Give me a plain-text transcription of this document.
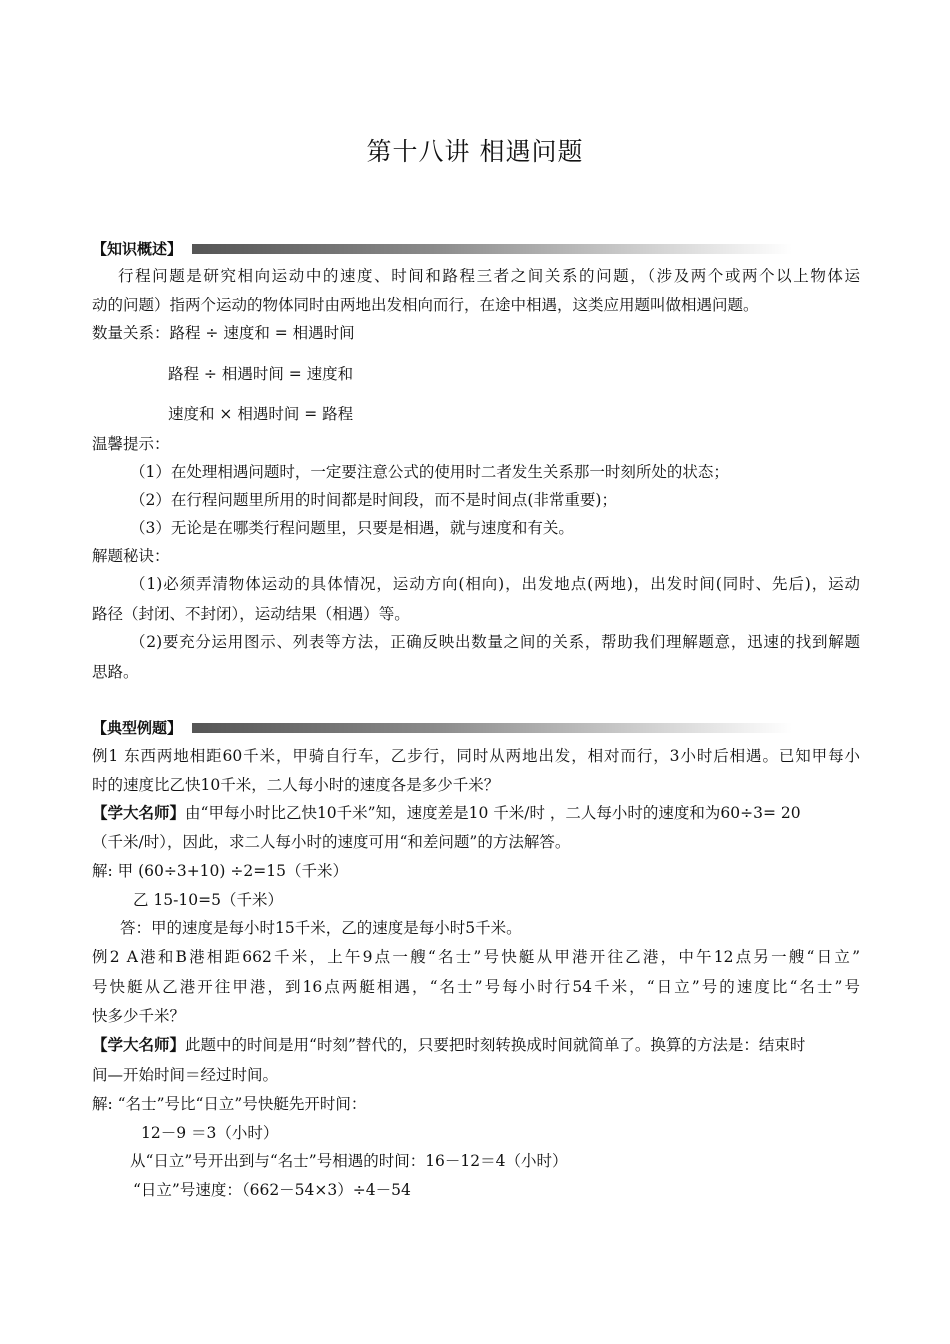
第十八讲 相遇问题
【知识概述】
行程问题是研究相向运动中的速度、时间和路程三者之间关系的问题，（涉及两个或两个以上物体运
动的问题）指两个运动的物体同时由两地出发相向而行，在途中相遇，这类应用题叫做相遇问题。
数量关系：路程 ÷ 速度和 = 相遇时间
路程 ÷ 相遇时间 = 速度和
速度和 × 相遇时间 = 路程
温馨提示：
（1）在处理相遇问题时，一定要注意公式的使用时二者发生关系那一时刻所处的状态；
（2）在行程问题里所用的时间都是时间段，而不是时间点(非常重要)；
（3）无论是在哪类行程问题里，只要是相遇，就与速度和有关。
解题秘诀：
（1)必须弄清物体运动的具体情况，运动方向(相向)，出发地点(两地)，出发时间(同时、先后)，运动
路径（封闭、不封闭），运动结果（相遇）等。
（2)要充分运用图示、列表等方法，正确反映出数量之间的关系，帮助我们理解题意，迅速的找到解题
思路。
【典型例题】
例1 东西两地相距60千米，甲骑自行车，乙步行，同时从两地出发，相对而行，3小时后相遇。已知甲每小
时的速度比乙快10千米，二人每小时的速度各是多少千米？
【学大名师】由“甲每小时比乙快10千米”知，速度差是10 千米/时 ，二人每小时的速度和为60÷3= 20
（千米/时），因此，求二人每小时的速度可用“和差问题”的方法解答。
解: 甲 (60÷3+10) ÷2=15（千米）
乙 15-10=5（千米）
答：甲的速度是每小时15千米，乙的速度是每小时5千米。
例2 A港和B港相距662千米，上午9点一艘“名士”号快艇从甲港开往乙港，中午12点另一艘“日立”
号快艇从乙港开往甲港，到16点两艇相遇，“名士”号每小时行54千米，“日立”号的速度比“名士”号
快多少千米？
【学大名师】此题中的时间是用“时刻”替代的，只要把时刻转换成时间就简单了。换算的方法是：结束时
间—开始时间＝经过时间。
解: “名士”号比“日立”号快艇先开时间：
12－9 ＝3（小时）
从“日立”号开出到与“名士”号相遇的时间：16－12＝4（小时）
“日立”号速度：（662－54×3）÷4－54
